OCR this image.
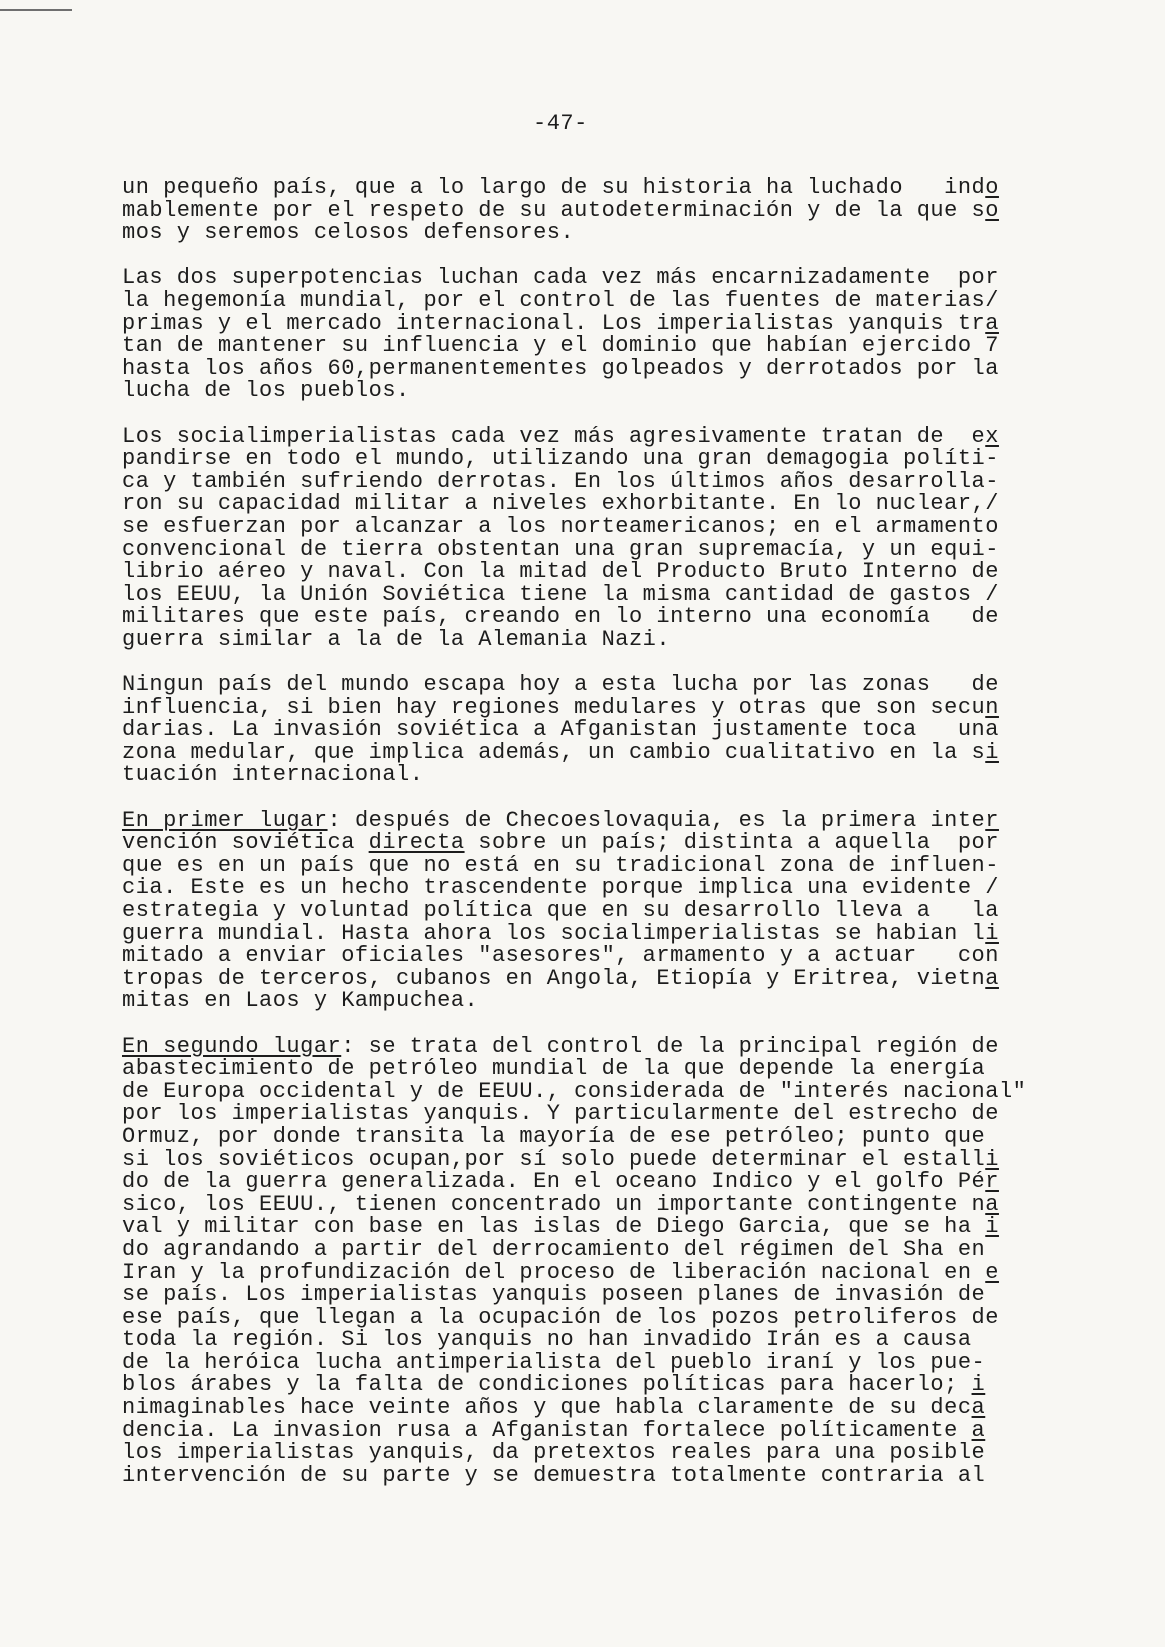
-47-
un pequeño país, que a lo largo de su historia ha luchado   indo
mablemente por el respeto de su autodeterminación y de la que so
mos y seremos celosos defensores.
Las dos superpotencias luchan cada vez más encarnizadamente  por
la hegemonía mundial, por el control de las fuentes de materias/
primas y el mercado internacional. Los imperialistas yanquis tra
tan de mantener su influencia y el dominio que habían ejercido 7
hasta los años 60,permanentementes golpeados y derrotados por la
lucha de los pueblos.
Los socialimperialistas cada vez más agresivamente tratan de  ex
pandirse en todo el mundo, utilizando una gran demagogia políti-
ca y también sufriendo derrotas. En los últimos años desarrolla-
ron su capacidad militar a niveles exhorbitante. En lo nuclear,/
se esfuerzan por alcanzar a los norteamericanos; en el armamento
convencional de tierra obstentan una gran supremacía, y un equi-
librio aéreo y naval. Con la mitad del Producto Bruto Interno de
los EEUU, la Unión Soviética tiene la misma cantidad de gastos /
militares que este país, creando en lo interno una economía   de
guerra similar a la de la Alemania Nazi.
Ningun país del mundo escapa hoy a esta lucha por las zonas   de
influencia, si bien hay regiones medulares y otras que son secun
darias. La invasión soviética a Afganistan justamente toca   una
zona medular, que implica además, un cambio cualitativo en la si
tuación internacional.
En primer lugar: después de Checoeslovaquia, es la primera inter
vención soviética directa sobre un país; distinta a aquella  por
que es en un país que no está en su tradicional zona de influen-
cia. Este es un hecho trascendente porque implica una evidente /
estrategia y voluntad política que en su desarrollo lleva a   la
guerra mundial. Hasta ahora los socialimperialistas se habian li
mitado a enviar oficiales "asesores", armamento y a actuar   con
tropas de terceros, cubanos en Angola, Etiopía y Eritrea, vietna
mitas en Laos y Kampuchea.
En segundo lugar: se trata del control de la principal región de
abastecimiento de petróleo mundial de la que depende la energía
de Europa occidental y de EEUU., considerada de "interés nacional"
por los imperialistas yanquis. Y particularmente del estrecho de
Ormuz, por donde transita la mayoría de ese petróleo; punto que
si los soviéticos ocupan,por sí solo puede determinar el estalli
do de la guerra generalizada. En el oceano Indico y el golfo Pér
sico, los EEUU., tienen concentrado un importante contingente na
val y militar con base en las islas de Diego Garcia, que se ha i
do agrandando a partir del derrocamiento del régimen del Sha en
Iran y la profundización del proceso de liberación nacional en e
se país. Los imperialistas yanquis poseen planes de invasión de
ese país, que llegan a la ocupación de los pozos petroliferos de
toda la región. Si los yanquis no han invadido Irán es a causa
de la heróica lucha antimperialista del pueblo iraní y los pue-
blos árabes y la falta de condiciones políticas para hacerlo; i
nimaginables hace veinte años y que habla claramente de su deca
dencia. La invasion rusa a Afganistan fortalece políticamente a
los imperialistas yanquis, da pretextos reales para una posible
intervención de su parte y se demuestra totalmente contraria al
